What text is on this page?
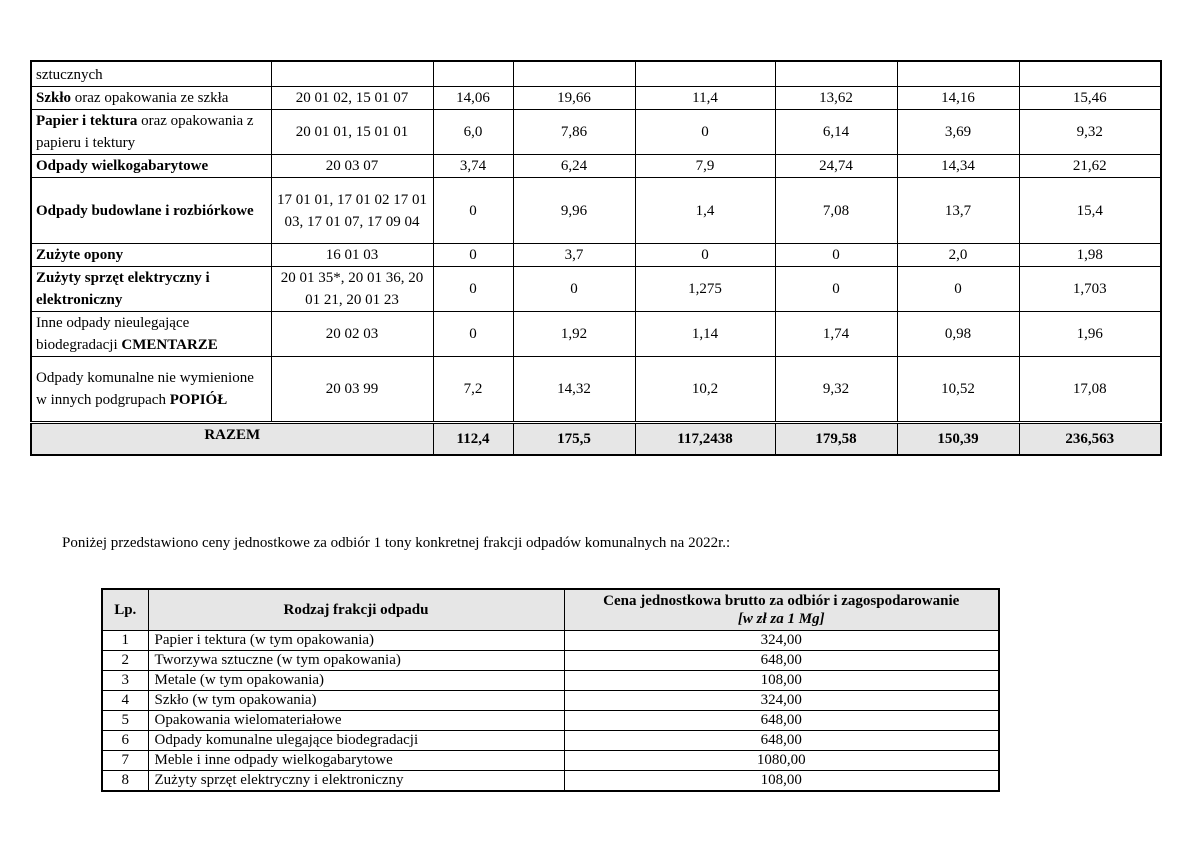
sztucznych							
Szkło oraz opakowania ze szkła	20 01 02, 15 01 07	14,06	19,66	11,4	13,62	14,16	15,46
Papier i tektura oraz opakowania z papieru i tektury	20 01 01, 15 01 01	6,0	7,86	0	6,14	3,69	9,32
Odpady wielkogabarytowe	20 03 07	3,74	6,24	7,9	24,74	14,34	21,62
Odpady budowlane i rozbiórkowe	17 01 01, 17 01 02 17 01 03, 17 01 07, 17 09 04	0	9,96	1,4	7,08	13,7	15,4
Zużyte opony	16 01 03	0	3,7	0	0	2,0	1,98
Zużyty sprzęt elektryczny i elektroniczny	20 01 35*, 20 01 36, 20 01 21, 20 01 23	0	0	1,275	0	0	1,703
Inne odpady nieulegające biodegradacji CMENTARZE	20 02 03	0	1,92	1,14	1,74	0,98	1,96
Odpady komunalne nie wymienione w innych podgrupach POPIÓŁ	20 03 99	7,2	14,32	10,2	9,32	10,52	17,08
RAZEM		112,4	175,5	117,2438	179,58	150,39	236,563
Poniżej przedstawiono ceny jednostkowe za odbiór 1 tony konkretnej frakcji odpadów komunalnych na 2022r.:
Lp.	Rodzaj frakcji odpadu	Cena jednostkowa brutto za odbiór i zagospodarowanie
[w zł za 1 Mg]
1	Papier i tektura (w tym opakowania)	324,00
2	Tworzywa sztuczne (w tym opakowania)	648,00
3	Metale (w tym opakowania)	108,00
4	Szkło (w tym opakowania)	324,00
5	Opakowania wielomateriałowe	648,00
6	Odpady komunalne ulegające biodegradacji	648,00
7	Meble i inne odpady wielkogabarytowe	1080,00
8	Zużyty sprzęt elektryczny i elektroniczny	108,00
